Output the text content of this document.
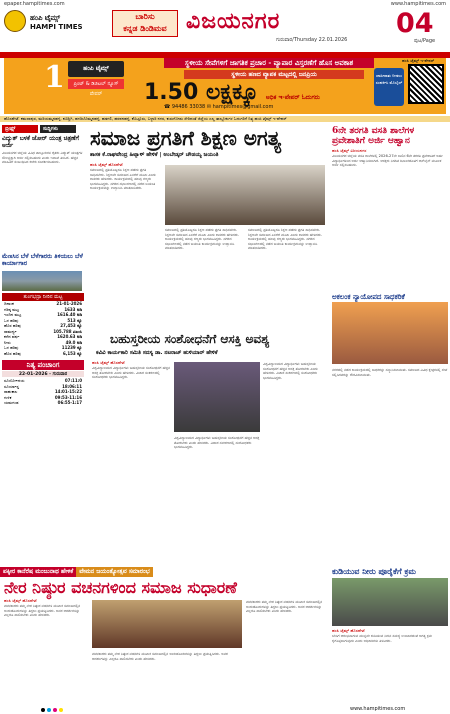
epaper.hampitimes.com	www.hampitimes.com
ಹಂಪಿ ಟೈಮ್ಸ್
HAMPI TIMES
ಬಾರಿಸು
ಕನ್ನಡ ಡಿಂಡಿಮವ ವಿಜಯನಗರ
ಗುರುವಾರ/Thursday 22.01.2026
04
ಪುಟ/Page
1	ಹಂಪಿ ಟೈಮ್ಸ್
ಪ್ರಿಂಟ್ & ಡಿಜಿಟಲ್ ನ್ಯೂಸ್ ಪೇಪರ್
ಸ್ಥಳೀಯ ಸೇವೆಗಳಿಗೆ ಜಾಗತಿಕ ಪ್ರಚಾರ - ವ್ಯಾಪಾರ ವಿಸ್ತರಣೆಗೆ ಹೊಸ ಅವಕಾಶ
ಸ್ಥಳೀಯ ಹಣದ ವ್ಯಾಪಕ ಮಟ್ಟದಲ್ಲಿ ಜನಪ್ರಿಯ
1.50 ಲಕ್ಷಕ್ಕೂ ಅಧಿಕ ಇ-ಪೇಪರ್ ಓದುಗರು
☎ 94486 33038 ✉ hampitimes@gmail.com
ಜಾಹೀರಾತು ನೀಡಲು ಸಂಪರ್ಕಿಸಿ ಮೊಬೈಲ್
ಹಂಪಿ ಟೈಮ್ಸ್ ಇ-ಪೇಪರ್
ಹೊಸಪೇಟೆ: ಕಮಲಾಪುರ, ಮರಿಯಮ್ಮನಹಳ್ಳಿ, ಕೂಡ್ಲಿಗಿ, ಹಗರಿಬೊಮ್ಮನಹಳ್ಳಿ, ಹಡಗಲಿ, ಹರಪನಹಳ್ಳಿ, ಕೊಟ್ಟೂರು, ಬಳ್ಳಾರಿ ನಗರ, ಕುರುಗೋಡು ಸೇರಿದಂತೆ ಜಿಲ್ಲೆಯ ಎಲ್ಲ ತಾಲ್ಲೂಕುಗಳ ಓದುಗರಿಗೆ ನಿತ್ಯ ಹಂಪಿ ಟೈಮ್ಸ್ ಇ-ಪೇಪರ್
ಬ್ರೀಫ್ಸ್	ಸುದ್ದಿಗಳು
ವಿದ್ಯುತ್ ಬಳಕೆ ಜೋರ್ ಯಂತ್ರ ಚಿತ್ರಣೆಗೆ ಅರ್ಜಿ
ವಿಜಯನಗರ ಜಿಲ್ಲೆಯ ವಿವಿಧ ತಾಲ್ಲೂಕುಗಳ ರೈತರು ವಿದ್ಯುತ್ ಯಂತ್ರಗಳ ಸೌಲಭ್ಯಕ್ಕಾಗಿ ಅರ್ಜಿ ಸಲ್ಲಿಸಬಹುದು ಎಂದು ಇಲಾಖೆ ತಿಳಿಸಿದೆ. ಹೆಚ್ಚಿನ ಮಾಹಿತಿಗೆ ಸಂಬಂಧಿಸಿದ ಕಚೇರಿ ಸಂಪರ್ಕಿಸಬಹುದು.
ಮೆಣಸಿನ ಬೆಳೆ ಬೆಳೆಗಾರರು ತಿಳಿಯಲು ಬೆಳೆ ಕಾರ್ಯಾಗಾರ
ತುಂಗಭದ್ರಾ ನೀರಿನ ಮಟ್ಟ
ದಿನಾಂಕ	21-01-2026
ಗರಿಷ್ಠ ಮಟ್ಟ	1633 ಅಡಿ
ಇಂದಿನ ಮಟ್ಟ	1616.40 ಅಡಿ
ಒಳ ಹರಿವು	513 ಕ್ಯೂ
ಹೊರ ಹರಿವು	27,453 ಕ್ಯೂ
ಸಾಮರ್ಥ್ಯ	105.788 ಟಿಎಂಸಿ
ಕಳೆದ ವರ್ಷ	1620.63 ಅಡಿ
ನೀರು	49.0 ಅಡಿ
ಒಳ ಹರಿವು	11239 ಕ್ಯೂ
ಹೊರ ಹರಿವು	6,153 ಕ್ಯೂ
ನಿತ್ಯ ಪಂಚಾಂಗ
22-01-2026 - ಗುರುವಾರ
ಸೂರ್ಯೋದಯ	07:11:0
ಸೂರ್ಯಾಸ್ತ	18:06:11
ರಾಹುಕಾಲ	14:01-15:22
ಗುಳಿಕ	09:53-11:16
ಯಮಗಂಡ	06:55-1:17
ಸಮಾಜ ಪ್ರಗತಿಗೆ ಶಿಕ್ಷಣ ಅಗತ್ಯ
ಶಾಸಕ ಕೆ.ರಾಘವೇಂದ್ರ ಹಿಟ್ನಾಳ್ ಹೇಳಿಕೆ | ಅಂಬೇಡ್ಕರ್ ಚೌಡಯ್ಯ ಜಯಂತಿ
ಹಂಪಿ ಟೈಮ್ಸ್ ಹೊಸಪೇಟೆ
ಸಮಾಜದಲ್ಲಿ ಪ್ರತಿಯೊಬ್ಬರೂ ಶಿಕ್ಷಣ ಪಡೆದು ಪ್ರಗತಿ ಸಾಧಿಸಬೇಕು. ಶಿಕ್ಷಣವೇ ಸಮಾಜದ ಏಳಿಗೆಗೆ ಮೂಲ ಎಂದು ಶಾಸಕರು ಹೇಳಿದರು. ಕಾರ್ಯಕ್ರಮದಲ್ಲಿ ಹಲವು ಗಣ್ಯರು ಭಾಗವಹಿಸಿದ್ದರು. ನಗರದ ಸಭಾಂಗಣದಲ್ಲಿ ನಡೆದ ಜಯಂತಿ ಕಾರ್ಯಕ್ರಮವನ್ನು ಉದ್ಘಾಟಿಸಿ ಮಾತನಾಡಿದರು.
ಸಮಾಜದಲ್ಲಿ ಪ್ರತಿಯೊಬ್ಬರೂ ಶಿಕ್ಷಣ ಪಡೆದು ಪ್ರಗತಿ ಸಾಧಿಸಬೇಕು. ಶಿಕ್ಷಣವೇ ಸಮಾಜದ ಏಳಿಗೆಗೆ ಮೂಲ ಎಂದು ಶಾಸಕರು ಹೇಳಿದರು. ಕಾರ್ಯಕ್ರಮದಲ್ಲಿ ಹಲವು ಗಣ್ಯರು ಭಾಗವಹಿಸಿದ್ದರು. ನಗರದ ಸಭಾಂಗಣದಲ್ಲಿ ನಡೆದ ಜಯಂತಿ ಕಾರ್ಯಕ್ರಮವನ್ನು ಉದ್ಘಾಟಿಸಿ ಮಾತನಾಡಿದರು.
ಸಮಾಜದಲ್ಲಿ ಪ್ರತಿಯೊಬ್ಬರೂ ಶಿಕ್ಷಣ ಪಡೆದು ಪ್ರಗತಿ ಸಾಧಿಸಬೇಕು. ಶಿಕ್ಷಣವೇ ಸಮಾಜದ ಏಳಿಗೆಗೆ ಮೂಲ ಎಂದು ಶಾಸಕರು ಹೇಳಿದರು. ಕಾರ್ಯಕ್ರಮದಲ್ಲಿ ಹಲವು ಗಣ್ಯರು ಭಾಗವಹಿಸಿದ್ದರು. ನಗರದ ಸಭಾಂಗಣದಲ್ಲಿ ನಡೆದ ಜಯಂತಿ ಕಾರ್ಯಕ್ರಮವನ್ನು ಉದ್ಘಾಟಿಸಿ ಮಾತನಾಡಿದರು.
ಬಹುಸ್ತರೀಯ ಸಂಶೋಧನೆಗೆ ಆಸಕ್ತಿ ಅವಶ್ಯ
ಕವಿವಿ ಕಾರ್ಯಕಾರಿ ಸಮಿತಿ ಸದಸ್ಯ ಡಾ. ನಟರಾಜ್ ಹುಳಿಯಾರ್ ಹೇಳಿಕೆ
ಹಂಪಿ ಟೈಮ್ಸ್ ಹೊಸಪೇಟೆ
ವಿಶ್ವವಿದ್ಯಾಲಯದ ವಿದ್ಯಾರ್ಥಿಗಳು ಬಹುಸ್ತರೀಯ ಸಂಶೋಧನೆಗೆ ಹೆಚ್ಚಿನ ಆಸಕ್ತಿ ತೋರಬೇಕು ಎಂದು ಹೇಳಿದರು. ವಿಚಾರ ಸಂಕಿರಣದಲ್ಲಿ ಸಂಶೋಧಕರು ಭಾಗವಹಿಸಿದ್ದರು.
ವಿಶ್ವವಿದ್ಯಾಲಯದ ವಿದ್ಯಾರ್ಥಿಗಳು ಬಹುಸ್ತರೀಯ ಸಂಶೋಧನೆಗೆ ಹೆಚ್ಚಿನ ಆಸಕ್ತಿ ತೋರಬೇಕು ಎಂದು ಹೇಳಿದರು. ವಿಚಾರ ಸಂಕಿರಣದಲ್ಲಿ ಸಂಶೋಧಕರು ಭಾಗವಹಿಸಿದ್ದರು.
ವಿಶ್ವವಿದ್ಯಾಲಯದ ವಿದ್ಯಾರ್ಥಿಗಳು ಬಹುಸ್ತರೀಯ ಸಂಶೋಧನೆಗೆ ಹೆಚ್ಚಿನ ಆಸಕ್ತಿ ತೋರಬೇಕು ಎಂದು ಹೇಳಿದರು. ವಿಚಾರ ಸಂಕಿರಣದಲ್ಲಿ ಸಂಶೋಧಕರು ಭಾಗವಹಿಸಿದ್ದರು.
6ನೇ ತರಗತಿ ವಸತಿ ಶಾಲೆಗಳ ಪ್ರವೇಶಾತಿಗೆ ಅರ್ಜಿ ಆಹ್ವಾನ
ಹಂಪಿ ಟೈಮ್ಸ್ ವಿಜಯನಗರ
ವಿಜಯನಗರ ಜಿಲ್ಲೆಯ ವಸತಿ ಶಾಲೆಗಳಲ್ಲಿ 2026-27ನೇ ಸಾಲಿನ 6ನೇ ತರಗತಿ ಪ್ರವೇಶಾತಿಗೆ ಅರ್ಹ ವಿದ್ಯಾರ್ಥಿಗಳಿಂದ ಅರ್ಜಿ ಆಹ್ವಾನಿಸಲಾಗಿದೆ. ಆಸಕ್ತರು ನಿಗದಿತ ದಿನಾಂಕದೊಳಗೆ ಆನ್‌ಲೈನ್ ಮೂಲಕ ಅರ್ಜಿ ಸಲ್ಲಿಸಬಹುದು.
ಅಕಲಂಕ ನ್ಯಾಯೋಪದ ಸಾಧಕರಿಕೆ
ನಗರದಲ್ಲಿ ನಡೆದ ಕಾರ್ಯಕ್ರಮದಲ್ಲಿ ಸಾಧಕರನ್ನು ಸನ್ಮಾನಿಸಲಾಯಿತು. ಸಮಾಜದ ವಿವಿಧ ಕ್ಷೇತ್ರಗಳಲ್ಲಿ ಸೇವೆ ಸಲ್ಲಿಸಿದವರನ್ನು ಗೌರವಿಸಲಾಯಿತು.
ಪಕ್ಕೀರ ಕಾನೆರೆಷ ಮಂಜುನಾಥ ಹೇಳಿಕೆ	ವೇಮನ ಜಯಂತ್ಯೋತ್ಸವ ಸಮಾರಂಭ
ನೇರ ನಿಷ್ಠುರ ವಚನಗಳಿಂದ ಸಮಾಜ ಸುಧಾರಣೆ
ಹಂಪಿ ಟೈಮ್ಸ್ ಹೊಸಪೇಟೆ
ವಚನಕಾರರು ತಮ್ಮ ನೇರ ನಿಷ್ಠುರ ವಚನಗಳ ಮೂಲಕ ಸಮಾಜದಲ್ಲಿನ ಅಂಕುಡೊಂಕುಗಳನ್ನು ತಿದ್ದಲು ಪ್ರಯತ್ನಿಸಿದರು. ಅವರ ಆದರ್ಶಗಳನ್ನು ಎಲ್ಲರೂ ಪಾಲಿಸಬೇಕು ಎಂದು ಹೇಳಿದರು.
ವಚನಕಾರರು ತಮ್ಮ ನೇರ ನಿಷ್ಠುರ ವಚನಗಳ ಮೂಲಕ ಸಮಾಜದಲ್ಲಿನ ಅಂಕುಡೊಂಕುಗಳನ್ನು ತಿದ್ದಲು ಪ್ರಯತ್ನಿಸಿದರು. ಅವರ ಆದರ್ಶಗಳನ್ನು ಎಲ್ಲರೂ ಪಾಲಿಸಬೇಕು ಎಂದು ಹೇಳಿದರು.
ವಚನಕಾರರು ತಮ್ಮ ನೇರ ನಿಷ್ಠುರ ವಚನಗಳ ಮೂಲಕ ಸಮಾಜದಲ್ಲಿನ ಅಂಕುಡೊಂಕುಗಳನ್ನು ತಿದ್ದಲು ಪ್ರಯತ್ನಿಸಿದರು. ಅವರ ಆದರ್ಶಗಳನ್ನು ಎಲ್ಲರೂ ಪಾಲಿಸಬೇಕು ಎಂದು ಹೇಳಿದರು.
ಕುಡಿಯುವ ನೀರು ಪೂರೈಕೆಗೆ ಕ್ರಮ
ಹಂಪಿ ಟೈಮ್ಸ್ ಹೊಸಪೇಟೆ
ಬೇಸಿಗೆ ಆರಂಭವಾಗುವ ಮುನ್ನವೇ ಕುಡಿಯುವ ನೀರಿನ ಸಮಸ್ಯೆ ಉಂಟಾಗದಂತೆ ಅಗತ್ಯ ಕ್ರಮ ಕೈಗೊಳ್ಳಲಾಗುವುದು ಎಂದು ಅಧಿಕಾರಿಗಳು ತಿಳಿಸಿದರು.
www.hampitimes.com
